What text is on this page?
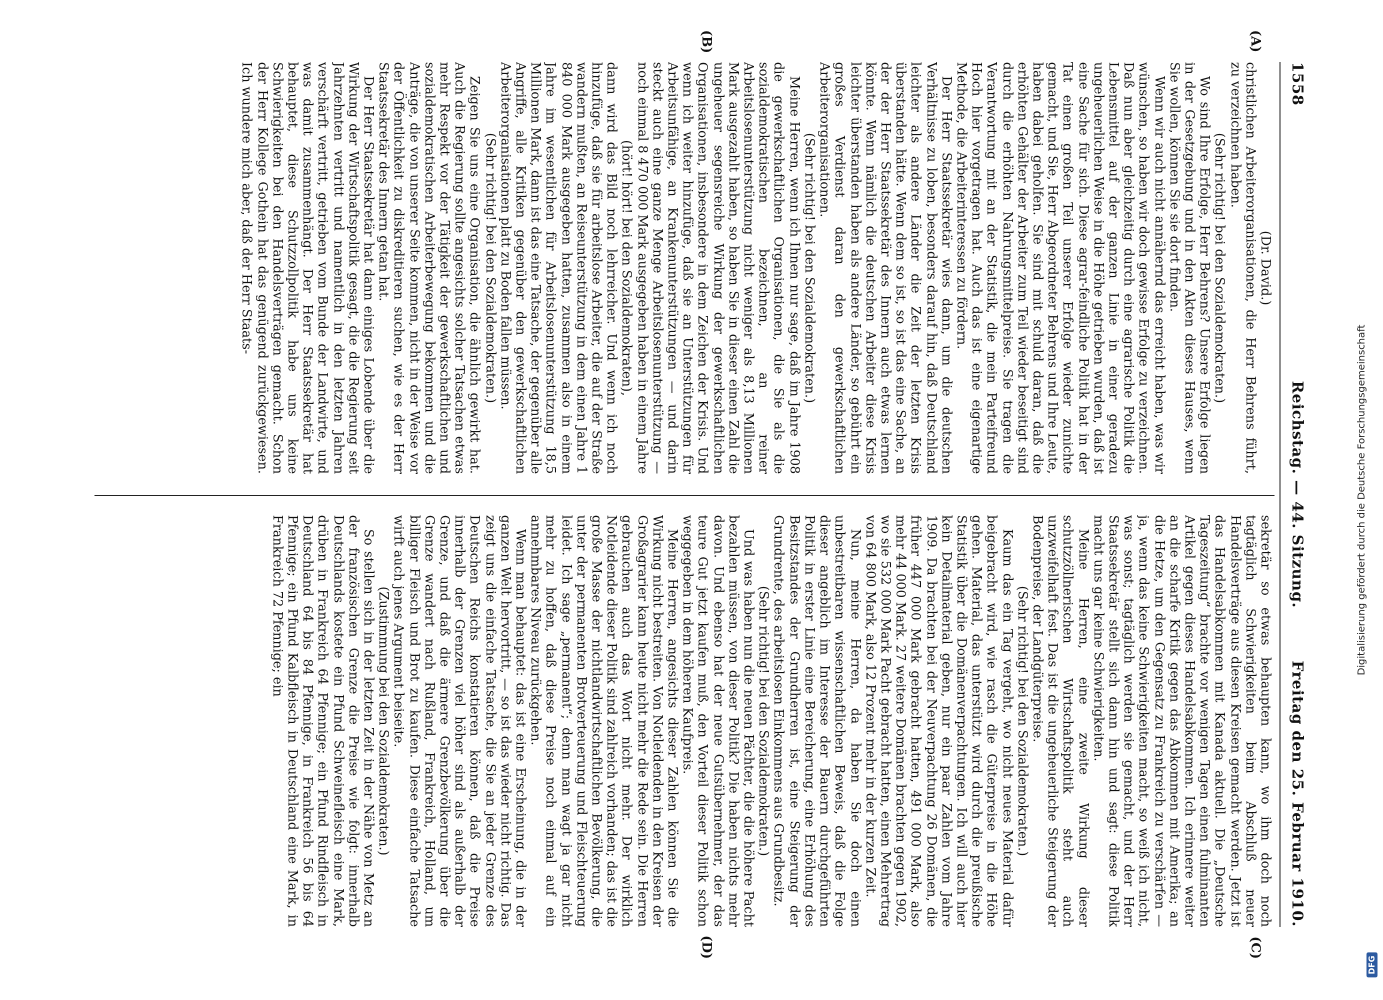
1558
Reichstag. — 44. Sitzung.
Freitag den 25. Februar 1910.
(A)
(B)
(C)
(D)

(Dr. David.)

christlichen Arbeiterorganisationen, die Herr Behrens führt, zu verzeichnen haben.

(Sehr richtig! bei den Sozialdemokraten.)

Wo sind Ihre Erfolge, Herr Behrens? Unsere Erfolge liegen in der Gesetzgebung und in den Akten dieses Hauses, wenn Sie wollen, können Sie sie dort finden.

Wenn wir auch nicht annähernd das erreicht haben, was wir wünschen, so haben wir doch gewisse Erfolge zu verzeichnen. Daß nun aber gleichzeitig durch eine agrarische Politik die Lebensmittel auf der ganzen Linie in einer geradezu ungeheuerlichen Weise in die Höhe getrieben wurden, daß ist eine Sache für sich. Diese agrar-feindliche Politik hat in der Tat einen großen Teil unserer Erfolge wieder zunichte gemacht, und Sie, Herr Abgeordneter Behrens und Ihre Leute, haben dabei geholfen. Sie sind mit schuld daran, daß die erhöhten Gehälter der Arbeiter zum Teil wieder beseitigt sind durch die erhöhten Nahrungsmittelpreise. Sie tragen die Verantwortung mit an der Statistik, die mein Parteifreund Hoch hier vorgetragen hat. Auch das ist eine eigenartige Methode, die Arbeiterinteressen zu fördern.

Der Herr Staatssekretär wies dann, um die deutschen Verhältnisse zu loben, besonders darauf hin, daß Deutschland leichter als andere Länder die Zeit der letzten Krisis überstanden hätte. Wenn dem so ist, so ist das eine Sache, an der der Herr Staatssekretär des Innern auch etwas lernen könnte. Wenn nämlich die deutschen Arbeiter diese Krisis leichter überstanden haben als andere Länder, so gebührt ein großes Verdienst daran den gewerkschaftlichen Arbeiterorganisationen.

(Sehr richtig! bei den Sozialdemokraten.)

Meine Herren, wenn ich Ihnen nur sage, daß im Jahre 1908 die gewerkschaftlichen Organisationen, die Sie als die sozialdemokratischen bezeichnen, an reiner Arbeitslosenunterstützung nicht weniger als 8,13 Millionen Mark ausgezahlt haben, so haben Sie in dieser einen Zahl die ungeheuer segensreiche Wirkung der gewerkschaftlichen Organisationen, insbesondere in dem Zeichen der Krisis. Und wenn ich weiter hinzufüge, daß sie an Unterstützungen für Arbeitsunfähige, an Krankenunterstützungen — und darin steckt auch eine ganze Menge Arbeitslosenunterstützung — noch einmal 8 470 000 Mark ausgegeben haben in einem Jahre

(hört! hört! bei den Sozialdemokraten),

dann wird das Bild noch lehrreicher. Und wenn ich noch hinzufüge, daß sie für arbeitslose Arbeiter, die auf der Straße wandern mußten, an Reiseunterstützung in dem einen Jahre 1 840 000 Mark ausgegeben hatten, zusammen also in einem Jahre im wesentlichen für Arbeitslosenunterstützung 18,5 Millionen Mark, dann ist das eine Tatsache, der gegenüber alle Angriffe, alle Kritiken gegenüber den gewerkschaftlichen Arbeiterorganisationen platt zu Boden fallen müssen.

(Sehr richtig! bei den Sozialdemokraten.)

Zeigen Sie uns eine Organisation, die ähnlich gewirkt hat. Auch die Regierung sollte angesichts solcher Tatsachen etwas mehr Respekt vor der Tätigkeit der gewerkschaftlichen und sozialdemokratischen Arbeiterbewegung bekommen und die Anträge, die von unserer Seite kommen, nicht in der Weise vor der Öffentlichkeit zu diskreditieren suchen, wie es der Herr Staatssekretär des Innern getan hat.

Der Herr Staatssekretär hat dann einiges Lobende über die Wirkung der Wirtschaftspolitik gesagt, die die Regierung seit Jahrzehnten vertritt und namentlich in den letzten Jahren verschärft vertritt, getrieben vom Bunde der Landwirte, und was damit zusammenhängt. Der Herr Staatssekretär hat behauptet, diese Schutzzollpolitik habe uns keine Schwierigkeiten bei den Handelsverträgen gemacht. Schon der Herr Kollege Gothein hat das genügend zurückgewiesen. Ich wundere mich aber, daß der Herr Staats-

sekretär so etwas behaupten kann, wo ihm doch noch tagtäglich Schwierigkeiten beim Abschluß neuer Handelsverträge aus diesen Kreisen gemacht werden. Jetzt ist das Handelsabkommen mit Kanada aktuell. Die „Deutsche Tageszeitung“ brachte vor wenigen Tagen einen fulminanten Artikel gegen dieses Handelsabkommen. Ich erinnere weiter an die scharfe Kritik gegen das Abkommen mit Amerika; an die Hetze, um den Gegensatz zu Frankreich zu verschärfen — ja, wenn das keine Schwierigkeiten macht, so weiß ich nicht, was sonst; tagtäglich werden sie gemacht, und der Herr Staatssekretär stellt sich dann hin und sagt: diese Politik macht uns gar keine Schwierigkeiten.

Meine Herren, eine zweite Wirkung dieser schutzzöllnerischen Wirtschaftspolitik steht auch unzweifelhaft fest. Das ist die ungeheuerliche Steigerung der Bodenpreise, der Landgüterpreise.

(Sehr richtig! bei den Sozialdemokraten.)

Kaum das ein Tag vergeht, wo nicht neues Material dafür beigebracht wird, wie rasch die Güterpreise in die Höhe gehen. Material, das unterstützt wird durch die preußische Statistik über die Domänenverpachtungen. Ich will auch hier kein Detailmaterial geben, nur ein paar Zahlen vom Jahre 1909. Da brachten bei der Neuverpachtung 26 Domänen, die früher 447 000 Mark gebracht hatten, 491 000 Mark, also mehr 44 000 Mark. 27 weitere Domänen brachten gegen 1902, wo sie 532 000 Mark Pacht gebracht hatten, einen Mehrertrag von 64 800 Mark, also 12 Prozent mehr in der kurzen Zeit.

Nun, meine Herren, da haben Sie doch einen unbestreitbaren wissenschaftlichen Beweis, daß die Folge dieser angeblich im Interesse der Bauern durchgeführten Politik in erster Linie eine Bereicherung, eine Erhöhung des Besitzstandes der Grundherren ist, eine Steigerung der Grundrente, des arbeitslosen Einkommens aus Grundbesitz.

(Sehr richtig! bei den Sozialdemokraten.)

Und was haben nun die neuen Pächter, die die höhere Pacht bezahlen müssen, von dieser Politik? Die haben nichts mehr davon. Und ebenso hat der neue Gutsübernehmer, der das teure Gut jetzt kaufen muß, den Vorteil dieser Politik schon weggegeben in dem höheren Kaufpreis.

Meine Herren, angesichts dieser Zahlen können Sie die Wirkung nicht bestreiten. Von Notleidenden in den Kreisen der Großagrarier kann heute nicht mehr die Rede sein. Die Herren gebrauchen auch das Wort nicht mehr. Der wirklich Notleidende dieser Politik sind zahlreich vorhanden; das ist die große Masse der nichtlandwirtschaftlichen Bevölkerung, die unter der permanenten Brotverteuerung und Fleischteuerung leidet. Ich sage „permanent“; denn man wagt ja gar nicht mehr zu hoffen, daß diese Preise noch einmal auf ein annehmbares Niveau zurückgehen.

Wenn man behauptet: das ist eine Erscheinung, die in der ganzen Welt hervortritt, — so ist das wieder nicht richtig. Das zeigt uns die einfache Tatsache, die Sie an jeder Grenze des Deutschen Reichs konstatieren können, daß die Preise innerhalb der Grenzen viel höher sind als außerhalb der Grenze, und daß die ärmere Grenzbevölkerung über die Grenze wandert nach Rußland, Frankreich, Holland, um billiger Fleisch und Brot zu kaufen. Diese einfache Tatsache wirft auch jenes Argument beiseite.

(Zustimmung bei den Sozialdemokraten.)

So stellen sich in der letzten Zeit in der Nähe von Metz an der französischen Grenze die Preise wie folgt: innerhalb Deutschlands kostete ein Pfund Schweinefleisch eine Mark, drüben in Frankreich 64 Pfennige; ein Pfund Rindfleisch in Deutschland 64 bis 84 Pfennige, in Frankreich 56 bis 64 Pfennige; ein Pfund Kalbfleisch in Deutschland eine Mark, in Frankreich 72 Pfennige; ein	Digitalisierung gefördert durch die Deutsche Forschungsgemeinschaft
DFG
